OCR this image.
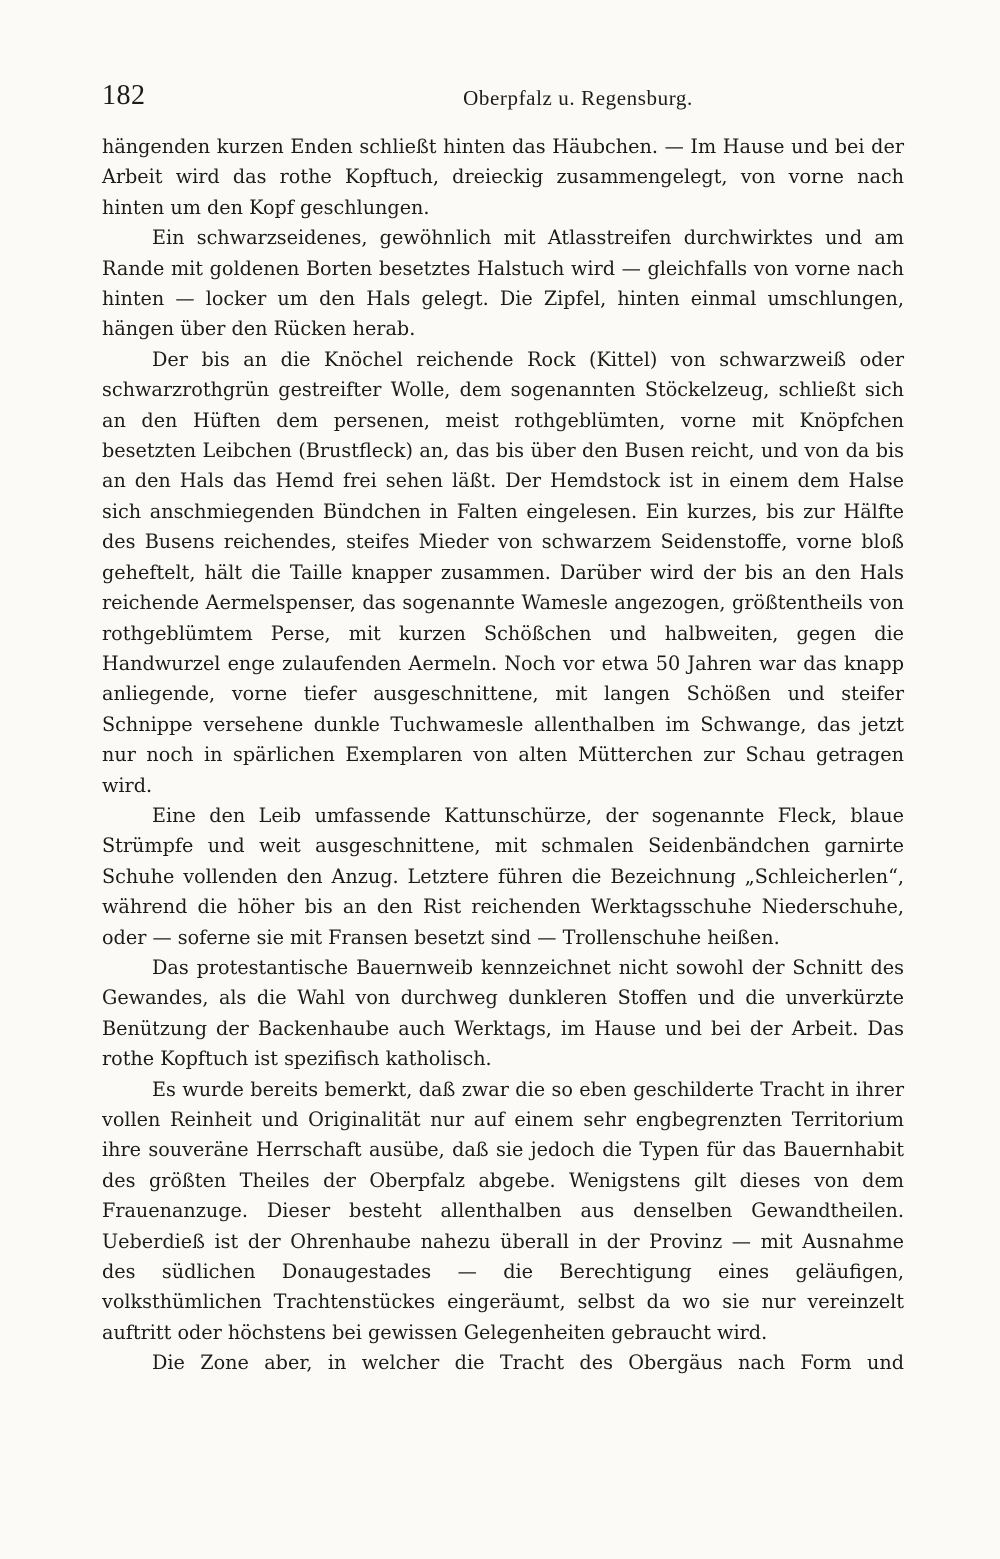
182	Oberpfalz u. Regensburg.

hängenden kurzen Enden schließt hinten das Häubchen. — Im Hause und bei der Arbeit wird das rothe Kopftuch, dreieckig zusammengelegt, von vorne nach hinten um den Kopf geschlungen.

Ein schwarzseidenes, gewöhnlich mit Atlasstreifen durchwirktes und am Rande mit goldenen Borten besetztes Halstuch wird — gleichfalls von vorne nach hinten — locker um den Hals gelegt. Die Zipfel, hinten einmal umschlungen, hängen über den Rücken herab.

Der bis an die Knöchel reichende Rock (Kittel) von schwarzweiß oder schwarzrothgrün gestreifter Wolle, dem sogenannten Stöckelzeug, schließt sich an den Hüften dem persenen, meist rothgeblümten, vorne mit Knöpfchen besetzten Leibchen (Brustfleck) an, das bis über den Busen reicht, und von da bis an den Hals das Hemd frei sehen läßt. Der Hemdstock ist in einem dem Halse sich anschmiegenden Bündchen in Falten eingelesen. Ein kurzes, bis zur Hälfte des Busens reichendes, steifes Mieder von schwarzem Seidenstoffe, vorne bloß geheftelt, hält die Taille knapper zusammen. Darüber wird der bis an den Hals reichende Aermelspenser, das sogenannte Wamesle angezogen, größtentheils von rothgeblümtem Perse, mit kurzen Schößchen und halbweiten, gegen die Handwurzel enge zulaufenden Aermeln. Noch vor etwa 50 Jahren war das knapp anliegende, vorne tiefer ausgeschnittene, mit langen Schößen und steifer Schnippe versehene dunkle Tuchwamesle allenthalben im Schwange, das jetzt nur noch in spärlichen Exemplaren von alten Mütterchen zur Schau getragen wird.

Eine den Leib umfassende Kattunschürze, der sogenannte Fleck, blaue Strümpfe und weit ausgeschnittene, mit schmalen Seidenbändchen garnirte Schuhe vollenden den Anzug. Letztere führen die Bezeichnung „Schleicherlen“, während die höher bis an den Rist reichenden Werktagsschuhe Niederschuhe, oder — soferne sie mit Fransen besetzt sind — Trollenschuhe heißen.

Das protestantische Bauernweib kennzeichnet nicht sowohl der Schnitt des Gewandes, als die Wahl von durchweg dunkleren Stoffen und die unverkürzte Benützung der Backenhaube auch Werktags, im Hause und bei der Arbeit. Das rothe Kopftuch ist spezifisch katholisch.

Es wurde bereits bemerkt, daß zwar die so eben geschilderte Tracht in ihrer vollen Reinheit und Originalität nur auf einem sehr engbegrenzten Territorium ihre souveräne Herrschaft ausübe, daß sie jedoch die Typen für das Bauernhabit des größten Theiles der Oberpfalz abgebe. Wenigstens gilt dieses von dem Frauenanzuge. Dieser besteht allenthalben aus denselben Gewandtheilen. Ueberdieß ist der Ohrenhaube nahezu überall in der Provinz — mit Ausnahme des südlichen Donaugestades — die Berechtigung eines geläufigen, volksthümlichen Trachtenstückes eingeräumt, selbst da wo sie nur vereinzelt auftritt oder höchstens bei gewissen Gelegenheiten gebraucht wird.

Die Zone aber, in welcher die Tracht des Obergäus nach Form und
